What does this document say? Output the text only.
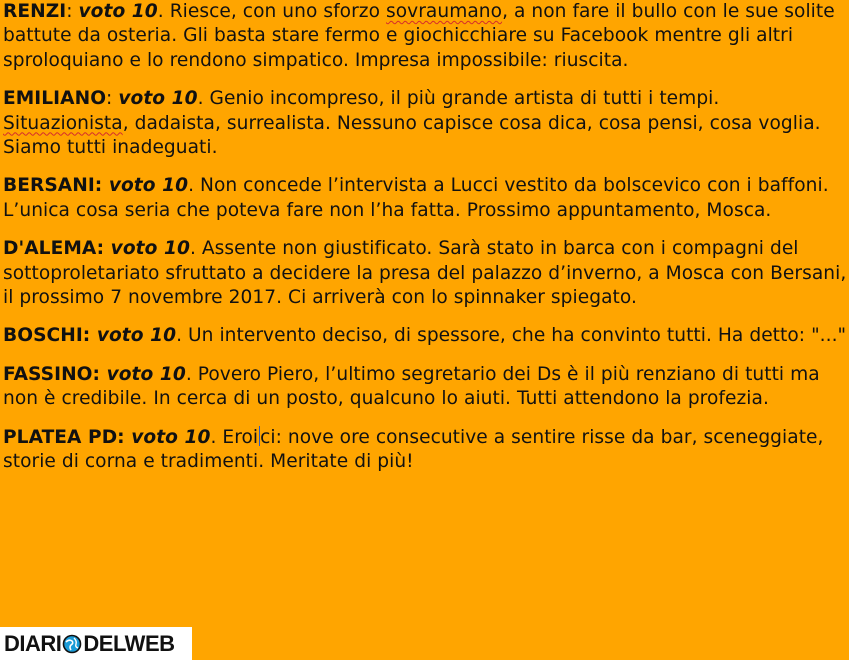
RENZI: voto 10. Riesce, con uno sforzo sovraumano, a non fare il bullo con le sue solite battute da osteria. Gli basta stare fermo e giochicchiare su Facebook mentre gli altri sproloquiano e lo rendono simpatico. Impresa impossibile: riuscita.

EMILIANO: voto 10. Genio incompreso, il più grande artista di tutti i tempi. Situazionista, dadaista, surrealista. Nessuno capisce cosa dica, cosa pensi, cosa voglia. Siamo tutti inadeguati.

BERSANI: voto 10. Non concede l’intervista a Lucci vestito da bolscevico con i baffoni. L’unica cosa seria che poteva fare non l’ha fatta. Prossimo appuntamento, Mosca.

D'ALEMA: voto 10. Assente non giustificato. Sarà stato in barca con i compagni del sottoproletariato sfruttato a decidere la presa del palazzo d’inverno, a Mosca con Bersani, il prossimo 7 novembre 2017. Ci arriverà con lo spinnaker spiegato.

BOSCHI: voto 10. Un intervento deciso, di spessore, che ha convinto tutti. Ha detto: "..."

FASSINO: voto 10. Povero Piero, l’ultimo segretario dei Ds è il più renziano di tutti ma non è credibile. In cerca di un posto, qualcuno lo aiuti. Tutti attendono la profezia.

PLATEA PD: voto 10. Eroi ci: nove ore consecutive a sentire risse da bar, sceneggiate, storie di corna e tradimenti. Meritate di più!

DIARI DELWEB
